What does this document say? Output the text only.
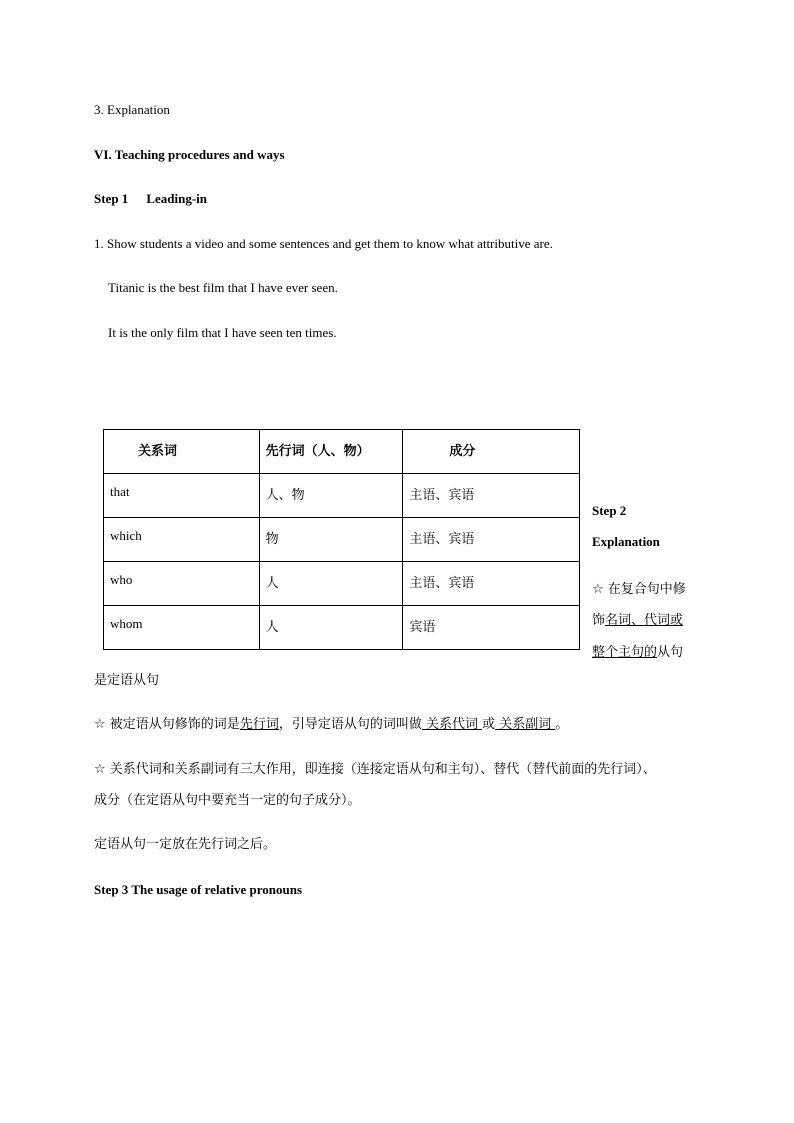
3. Explanation
VI. Teaching procedures and ways
Step 1 Leading-in
1. Show students a video and some sentences and get them to know what attributive are.
Titanic is the best film that I have ever seen.
It is the only film that I have seen ten times.
关系词	先行词（人、物）	成分
that	人、物	主语、宾语
which	物	主语、宾语
who	人	主语、宾语
whom	人	宾语
Step 2
Explanation
☆ 在复合句中修
饰名词、代词或
整个主句的从句
是定语从句
☆ 被定语从句修饰的词是先行词，引导定语从句的词叫做 关系代词 或 关系副词 。
☆ 关系代词和关系副词有三大作用，即连接（连接定语从句和主句）、替代（替代前面的先行词）、
成分（在定语从句中要充当一定的句子成分）。
定语从句一定放在先行词之后。
Step 3 The usage of relative pronouns
